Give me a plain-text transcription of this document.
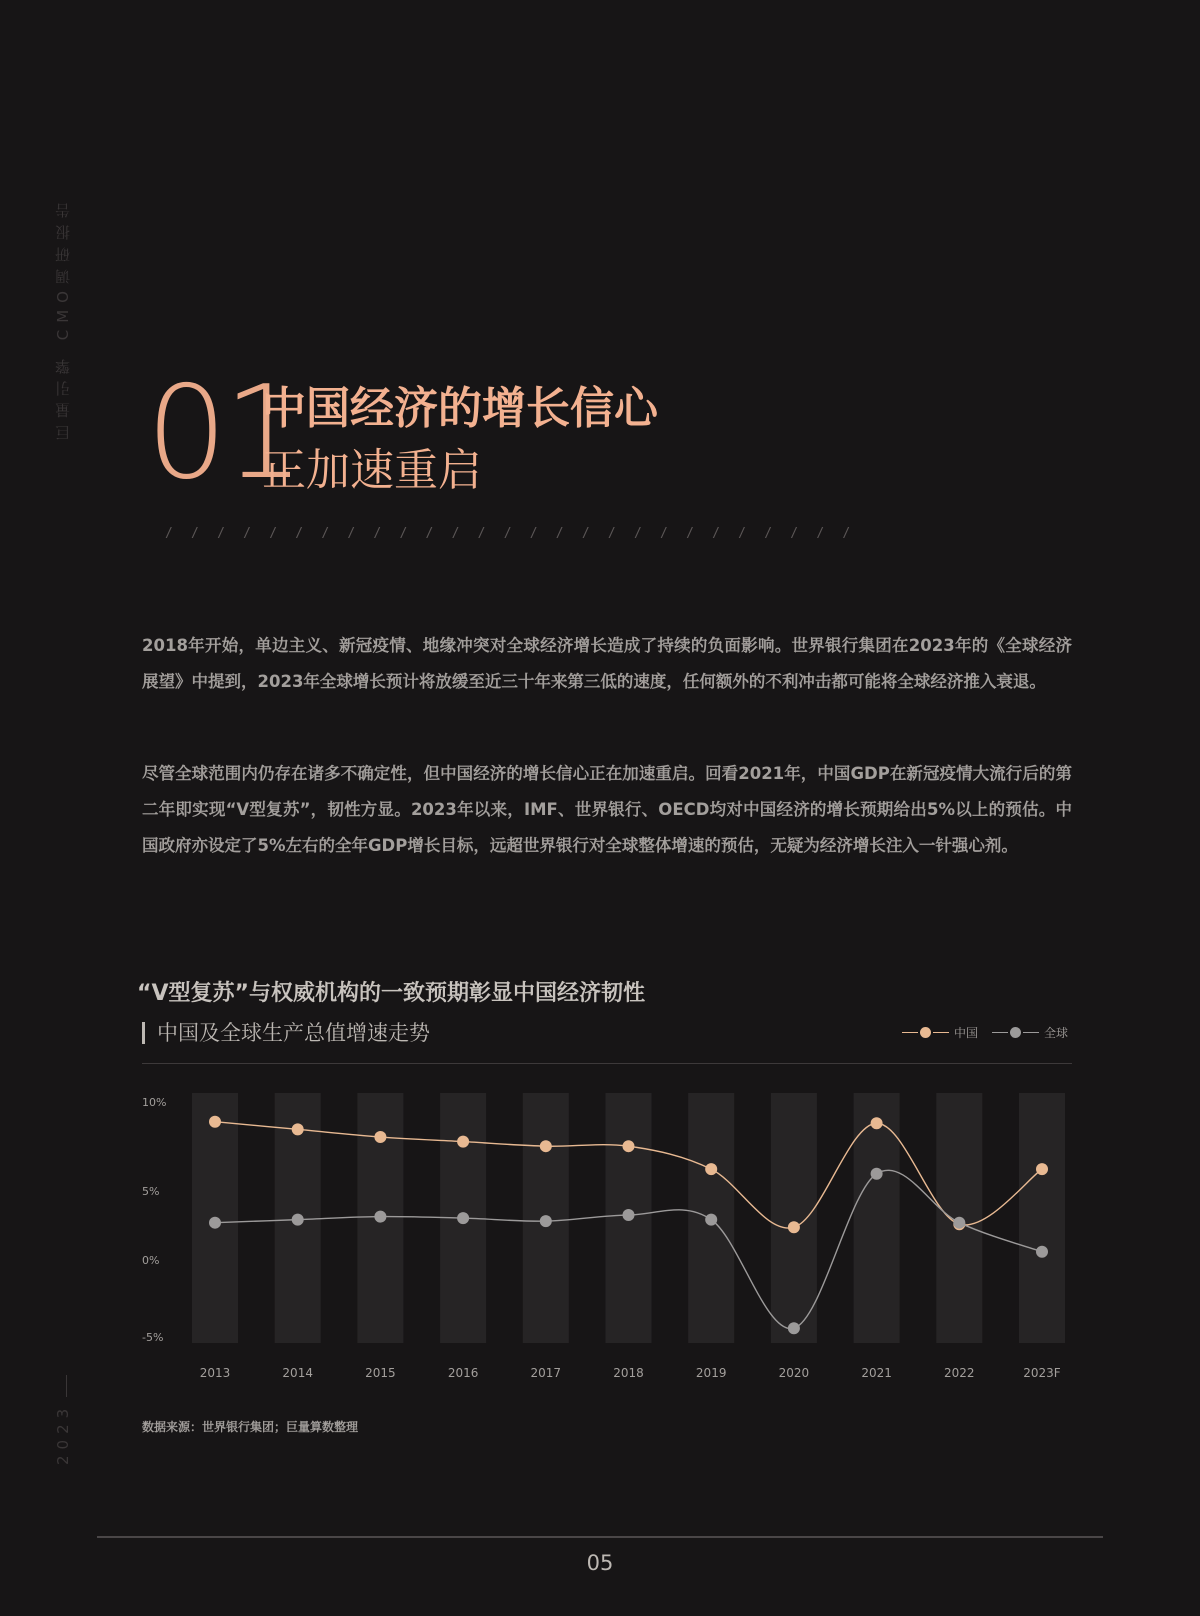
巨量引擎 CMO调研报告
2023
01
中国经济的增长信心
正加速重启
/ / / / / / / / / / / / / / / / / / / / / / / / / / /

2018年开始，单边主义、新冠疫情、地缘冲突对全球经济增长造成了持续的负面影响。世界银行集团在2023年的《全球经济展望》中提到，2023年全球增长预计将放缓至近三十年来第三低的速度，任何额外的不利冲击都可能将全球经济推入衰退。

尽管全球范围内仍存在诸多不确定性，但中国经济的增长信心正在加速重启。回看2021年，中国GDP在新冠疫情大流行后的第二年即实现“V型复苏”，韧性方显。2023年以来，IMF、世界银行、OECD均对中国经济的增长预期给出5%以上的预估。中国政府亦设定了5%左右的全年GDP增长目标，远超世界银行对全球整体增速的预估，无疑为经济增长注入一针强心剂。

“V型复苏”与权威机构的一致预期彰显中国经济韧性
中国及全球生产总值增速走势	中国	全球
10%
5%
0%
-5%
2013	2014	2015	2016	2017	2018	2019	2020	2021	2022	2023F
数据来源：世界银行集团；巨量算数整理
05
